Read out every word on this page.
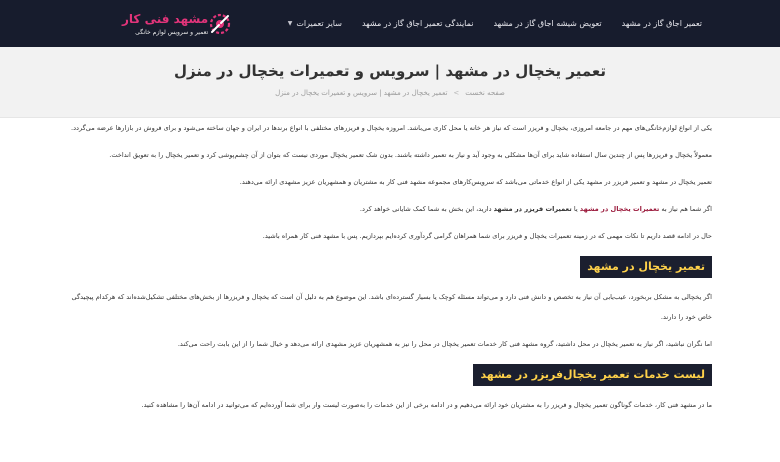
تعمیر اجاق گاز در مشهد
تعویض شیشه اجاق گاز در مشهد
نمایندگی تعمیر اجاق گاز در مشهد
سایر تعمیرات
▼
مشهد فنی کار
تعمیر و سرویس لوازم خانگی
تعمیر یخچال در مشهد | سرویس و تعمیرات یخچال در منزل
صفحه نخست>تعمیر یخچال در مشهد | سرویس و تعمیرات یخچال در منزل

یکی از انواع لوازم‌خانگی‌های مهم در جامعه امروزی، یخچال و فریزر است که نیاز هر خانه یا محل کاری می‌باشد. امروزه یخچال و فریزرهای مختلفی با انواع برندها در ایران و جهان ساخته می‌شود و برای فروش در بازارها عرضه می‌گردد.

معمولاً یخچال و فریزرها پس از چندین سال استفاده شاید برای آن‌ها مشکلی به وجود آید و نیاز به تعمیر داشته باشند. بدون شک تعمیر یخچال موردی نیست که بتوان از آن چشم‌پوشی کرد و تعمیر یخچال را به تعویق انداخت.

تعمیر یخچال در مشهد و تعمیر فریزر در مشهد یکی از انواع خدماتی می‌باشد که سرویس‌کارهای مجموعه مشهد فنی کار به مشتریان و همشهریان عزیز مشهدی ارائه می‌دهند.

اگر شما هم نیاز به تعمیرات یخچال در مشهد یا تعمیرات فریزر در مشهد دارید، این بخش به شما کمک شایانی خواهد کرد.

حال در ادامه قصد داریم تا نکات مهمی که در زمینه تعمیرات یخچال و فریزر برای شما همراهان گرامی گردآوری کرده‌ایم بپردازیم. پس با مشهد فنی کار همراه باشید.

تعمیر یخچال در مشهد

اگر یخچالی به مشکل بربخورد، عیب‌یابی آن نیاز به تخصص و دانش فنی دارد و می‌تواند مسئله کوچک یا بسیار گسترده‌ای باشد. این موضوع هم به دلیل آن است که یخچال و فریزرها از بخش‌های مختلفی تشکیل‌شده‌اند که هرکدام پیچیدگی خاص خود را دارند.

اما نگران نباشید، اگر نیاز به تعمیر یخچال در محل داشتید، گروه مشهد فنی کار خدمات تعمیر یخچال در محل را نیز به همشهریان عزیز مشهدی ارائه می‌دهد و خیال شما را از این بابت راحت می‌کند.

لیست خدمات تعمیر یخچال‌فریزر در مشهد

ما در مشهد فنی کار، خدمات گوناگون تعمیر یخچال و فریزر را به مشتریان خود ارائه می‌دهیم و در ادامه برخی از این خدمات را به‌صورت لیست وار برای شما آورده‌ایم که می‌توانید در ادامه آن‌ها را مشاهده کنید.
